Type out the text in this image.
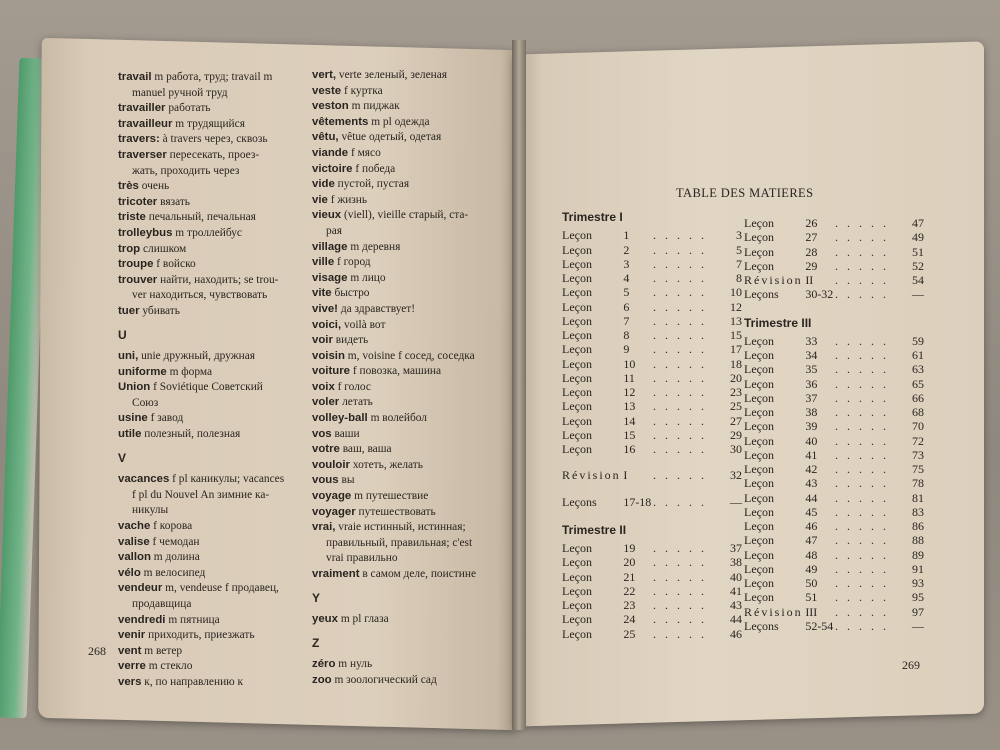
travail m работа, труд; travail m
manuel ручной труд
travailler работать
travailleur m трудящийся
travers: à travers через, сквозь
traverser пересекать, проез-
жать, проходить через
très очень
tricoter вязать
triste печальный, печальная
trolleybus m троллейбус
trop слишком
troupe f войско
trouver найти, находить; se trou-
ver находиться, чувствовать
tuer убивать
U
uni, unie дружный, дружная
uniforme m форма
Union f Soviétique Советский
Союз
usine f завод
utile полезный, полезная
V
vacances f pl каникулы; vacances
f pl du Nouvel An зимние ка-
никулы
vache f корова
valise f чемодан
vallon m долина
vélo m велосипед
vendeur m, vendeuse f продавец,
продавщица
vendredi m пятница
venir приходить, приезжать
vent m ветер
verre m стекло
vers к, по направлению к
vert, verte зеленый, зеленая
veste f куртка
veston m пиджак
vêtements m pl одежда
vêtu, vêtue одетый, одетая
viande f мясо
victoire f победа
vide пустой, пустая
vie f жизнь
vieux (viell), vieille старый, ста-
рая
village m деревня
ville f город
visage m лицо
vite быстро
vive! да здравствует!
voici, voilà вот
voir видеть
voisin m, voisine f сосед, соседка
voiture f повозка, машина
voix f голос
voler летать
volley-ball m волейбол
vos ваши
votre ваш, ваша
vouloir хотеть, желать
vous вы
voyage m путешествие
voyager путешествовать
vrai, vraie истинный, истинная;
правильный, правильная; c'est
vrai правильно
vraiment в самом деле, поистине
Y
yeux m pl глаза
Z
zéro m нуль
zoo m зоологический сад
268
TABLE DES MATIERES
Trimestre I
Leçon	1	. . . . .	3
Leçon	2	. . . . .	5
Leçon	3	. . . . .	7
Leçon	4	. . . . .	8
Leçon	5	. . . . .	10
Leçon	6	. . . . .	12
Leçon	7	. . . . .	13
Leçon	8	. . . . .	15
Leçon	9	. . . . .	17
Leçon	10	. . . . .	18
Leçon	11	. . . . .	20
Leçon	12	. . . . .	23
Leçon	13	. . . . .	25
Leçon	14	. . . . .	27
Leçon	15	. . . . .	29
Leçon	16	. . . . .	30
Révision I	. . . . .	32
Leçons	17-18 . . . . .	—
Trimestre II
Leçon	19	. . . . .	37
Leçon	20	. . . . .	38
Leçon	21	. . . . .	40
Leçon	22	. . . . .	41
Leçon	23	. . . . .	43
Leçon	24	. . . . .	44
Leçon	25	. . . . .	46
Leçon	26	. . . . .	47
Leçon	27	. . . . .	49
Leçon	28	. . . . .	51
Leçon	29	. . . . .	52
Révision II	. . . . .	54
Leçons	30-32 . . . . .	—
Trimestre III
Leçon	33	. . . . .	59
Leçon	34	. . . . .	61
Leçon	35	. . . . .	63
Leçon	36	. . . . .	65
Leçon	37	. . . . .	66
Leçon	38	. . . . .	68
Leçon	39	. . . . .	70
Leçon	40	. . . . .	72
Leçon	41	. . . . .	73
Leçon	42	. . . . .	75
Leçon	43	. . . . .	78
Leçon	44	. . . . .	81
Leçon	45	. . . . .	83
Leçon	46	. . . . .	86
Leçon	47	. . . . .	88
Leçon	48	. . . . .	89
Leçon	49	. . . . .	91
Leçon	50	. . . . .	93
Leçon	51	. . . . .	95
Révision III	. . . . .	97
Leçons	52-54 . . . . .	—
269
